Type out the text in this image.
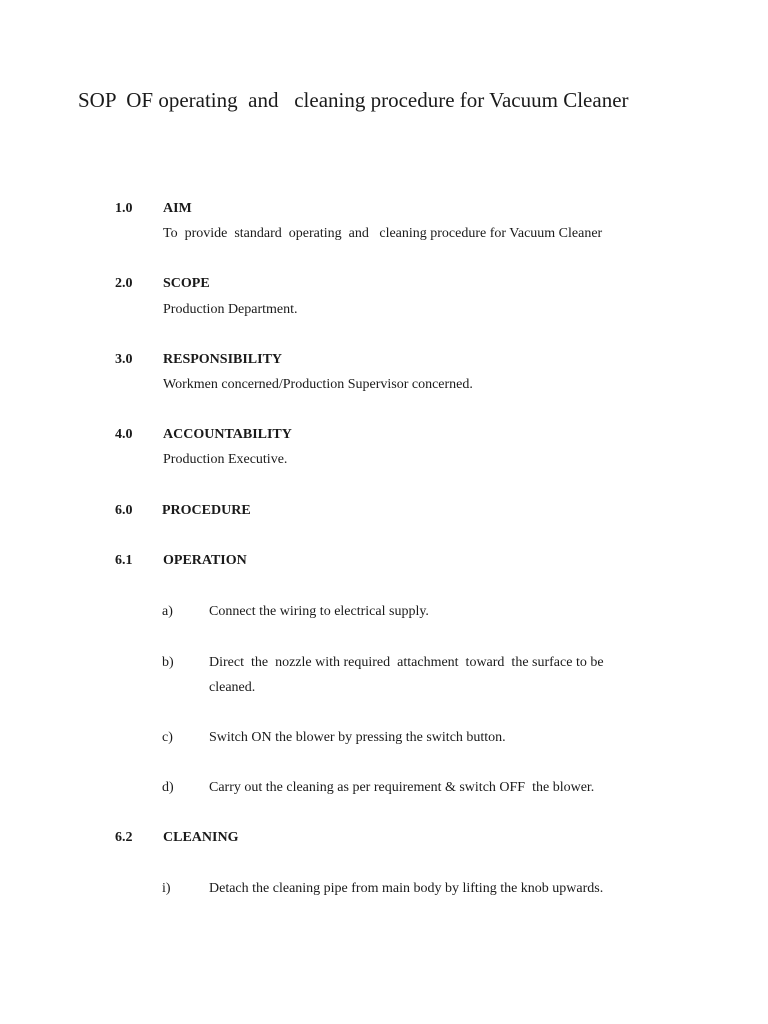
SOP  OF operating  and   cleaning procedure for Vacuum Cleaner
1.0 AIM
To  provide  standard  operating  and   cleaning procedure for Vacuum Cleaner
2.0 SCOPE
Production Department.
3.0 RESPONSIBILITY
Workmen concerned/Production Supervisor concerned.
4.0 ACCOUNTABILITY
Production Executive.
6.0 PROCEDURE
6.1 OPERATION
a)	Connect the wiring to electrical supply.
b)	Direct  the  nozzle with required  attachment  toward  the surface to be
cleaned.
c)	Switch ON the blower by pressing the switch button.
d)	Carry out the cleaning as per requirement & switch OFF  the blower.
6.2 CLEANING
i)	Detach the cleaning pipe from main body by lifting the knob upwards.
